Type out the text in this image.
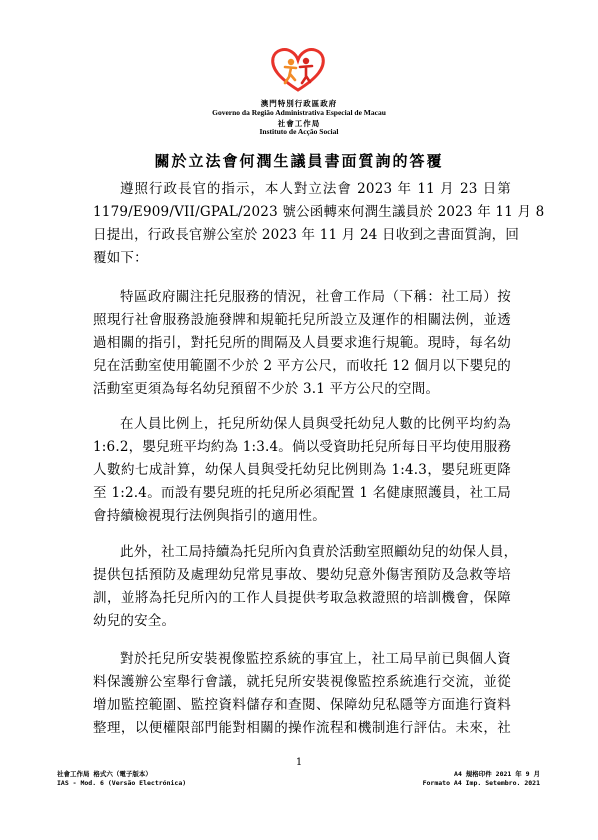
澳門特別行政區政府
Governo da Região Administrativa Especial de Macau
社會工作局
Instituto de Acção Social
關於立法會何潤生議員書面質詢的答覆
遵照行政長官的指示，本人對立法會 2023 年 11 月 23 日第
1179/E909/VII/GPAL/2023 號公函轉來何潤生議員於 2023 年 11 月 8
日提出，行政長官辦公室於 2023 年 11 月 24 日收到之書面質詢，回
覆如下：
特區政府關注托兒服務的情況，社會工作局（下稱：社工局）按
照現行社會服務設施發牌和規範托兒所設立及運作的相關法例，並透
過相關的指引，對托兒所的間隔及人員要求進行規範。現時，每名幼
兒在活動室使用範圍不少於 2 平方公尺，而收托 12 個月以下嬰兒的
活動室更須為每名幼兒預留不少於 3.1 平方公尺的空間。
在人員比例上，托兒所幼保人員與受托幼兒人數的比例平均約為
1:6.2，嬰兒班平均約為 1:3.4。倘以受資助托兒所每日平均使用服務
人數約七成計算，幼保人員與受托幼兒比例則為 1:4.3，嬰兒班更降
至 1:2.4。而設有嬰兒班的托兒所必須配置 1 名健康照護員，社工局
會持續檢視現行法例與指引的適用性。
此外，社工局持續為托兒所內負責於活動室照顧幼兒的幼保人員，
提供包括預防及處理幼兒常見事故、嬰幼兒意外傷害預防及急救等培
訓，並將為托兒所內的工作人員提供考取急救證照的培訓機會，保障
幼兒的安全。
對於托兒所安裝視像監控系統的事宜上，社工局早前已與個人資
料保護辦公室舉行會議，就托兒所安裝視像監控系統進行交流，並從
增加監控範圍、監控資料儲存和查閱、保障幼兒私隱等方面進行資料
整理，以便權限部門能對相關的操作流程和機制進行評估。未來，社
1
社會工作局 格式六（電子版本）
IAS - Mod. 6 (Versão Electrónica)
A4 規格印件 2021 年 9 月
Formato A4 Imp. Setembro. 2021
